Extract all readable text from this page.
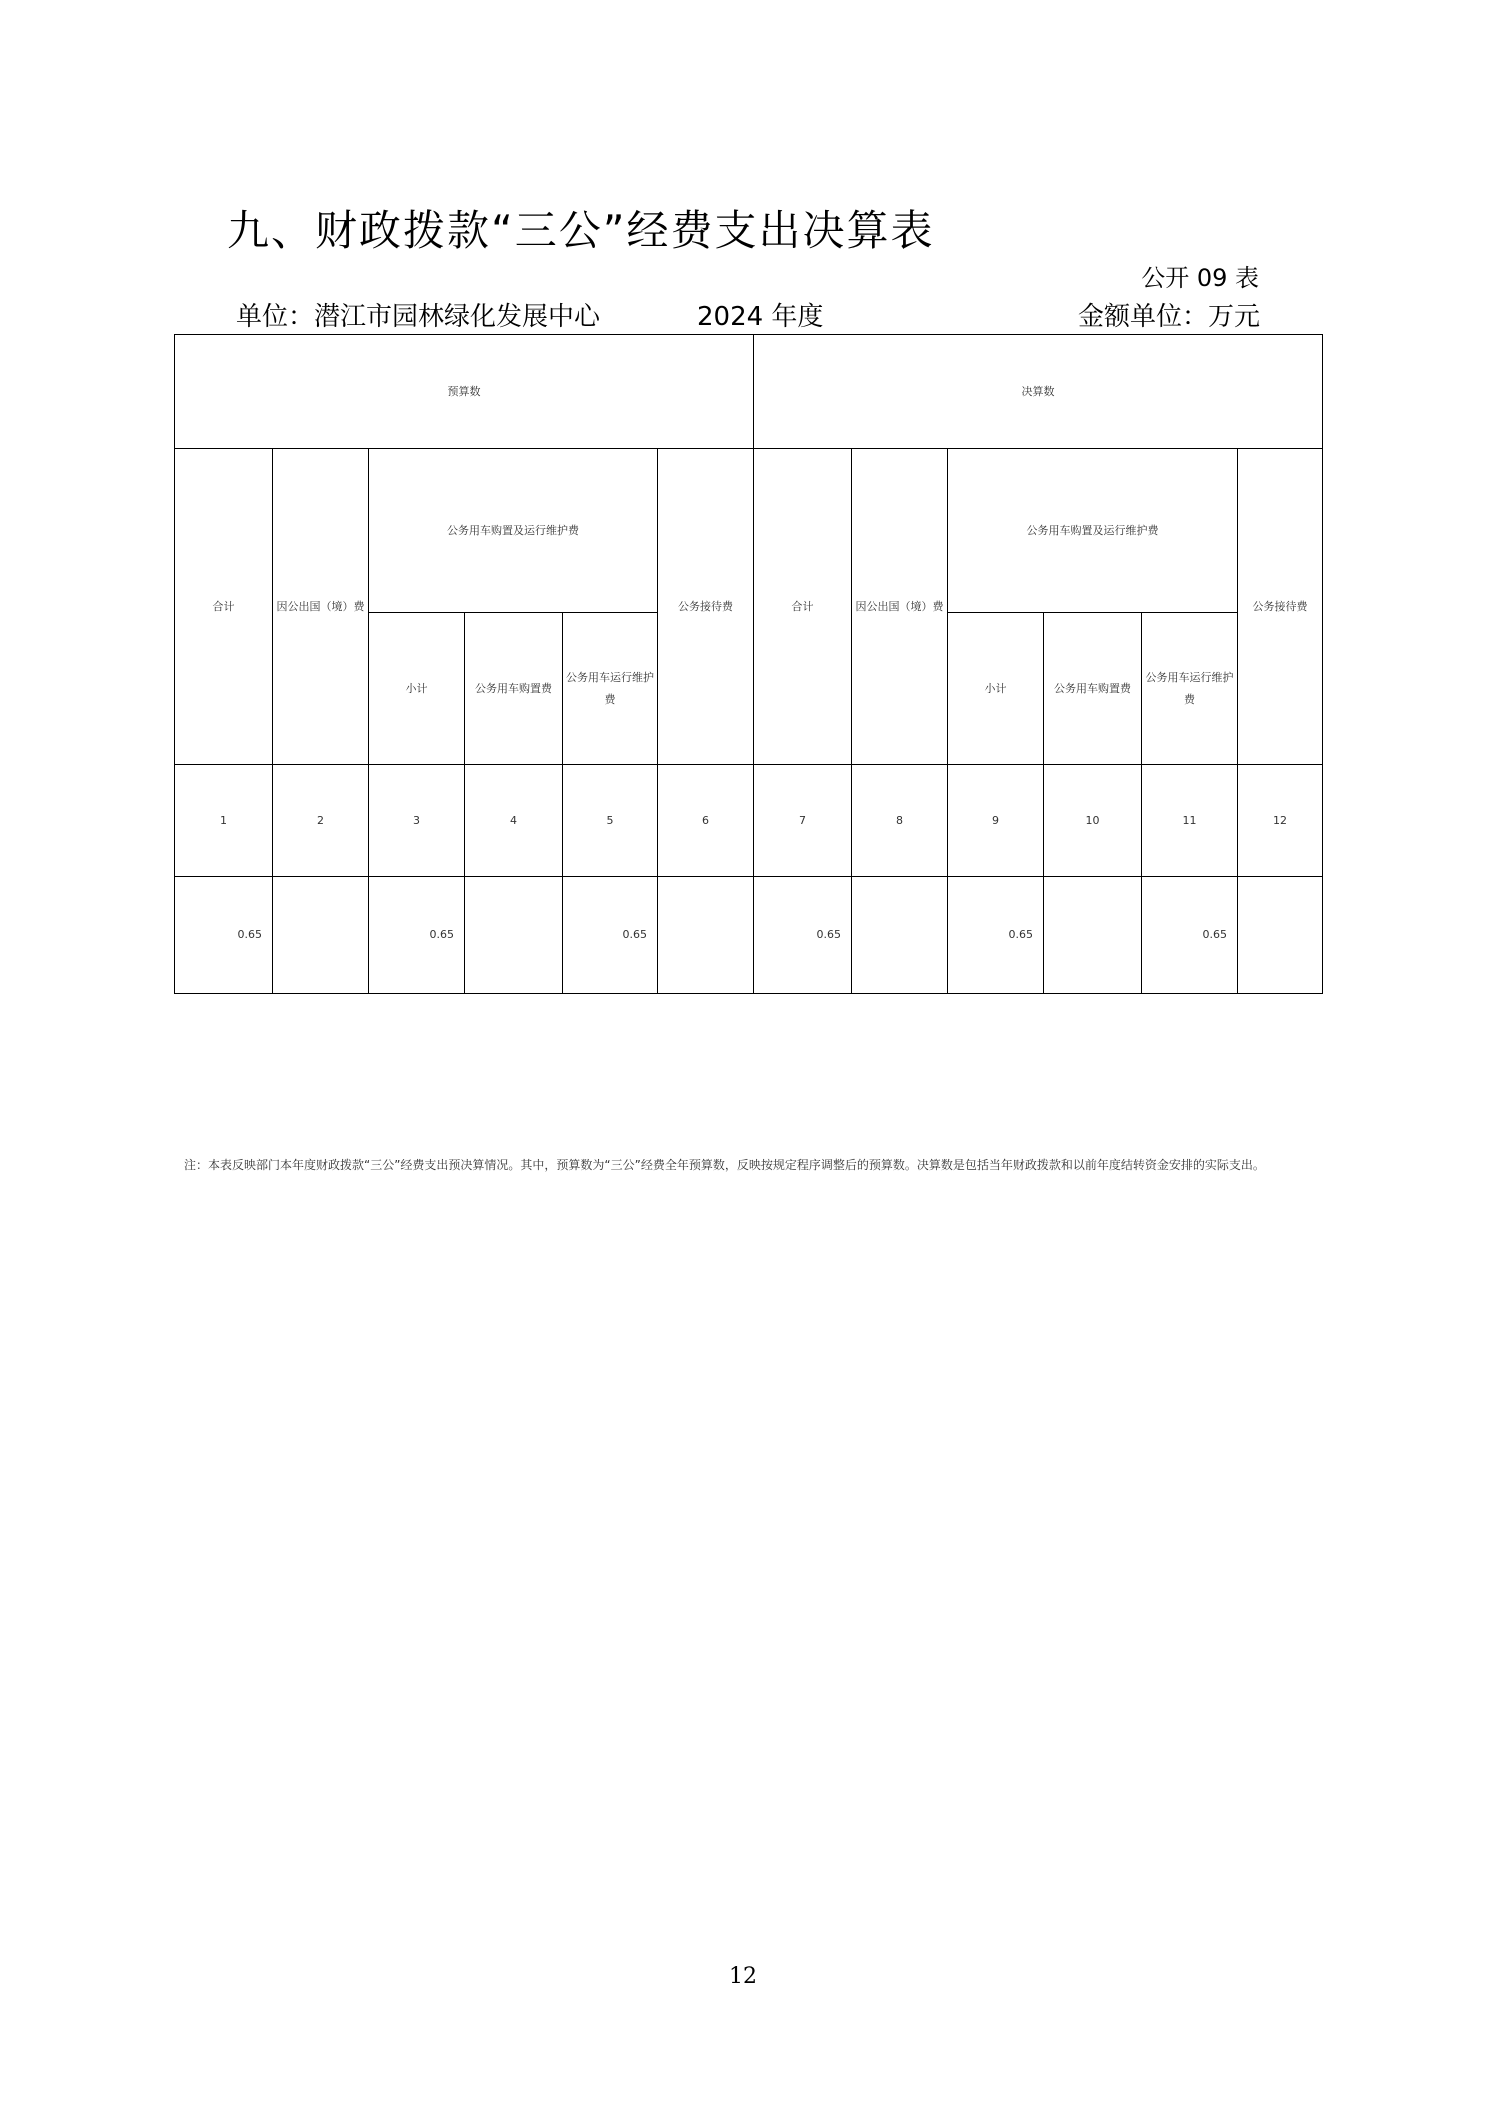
九、财政拨款“三公”经费支出决算表
公开 09 表
单位：潜江市园林绿化发展中心	2024 年度	金额单位：万元
预算数						决算数					
合计	因公出国（境）费	公务用车购置及运行维护费			公务接待费	合计	因公出国（境）费	公务用车购置及运行维护费			公务接待费
		小计	公务用车购置费	公务用车运行维护费				小计	公务用车购置费	公务用车运行维护费	
1	2	3	4	5	6	7	8	9	10	11	12
0.65		0.65		0.65		0.65		0.65		0.65	
注：本表反映部门本年度财政拨款“三公”经费支出预决算情况。其中，预算数为“三公”经费全年预算数，反映按规定程序调整后的预算数。决算数是包括当年财政拨款和以前年度结转资金安排的实际支出。
12
